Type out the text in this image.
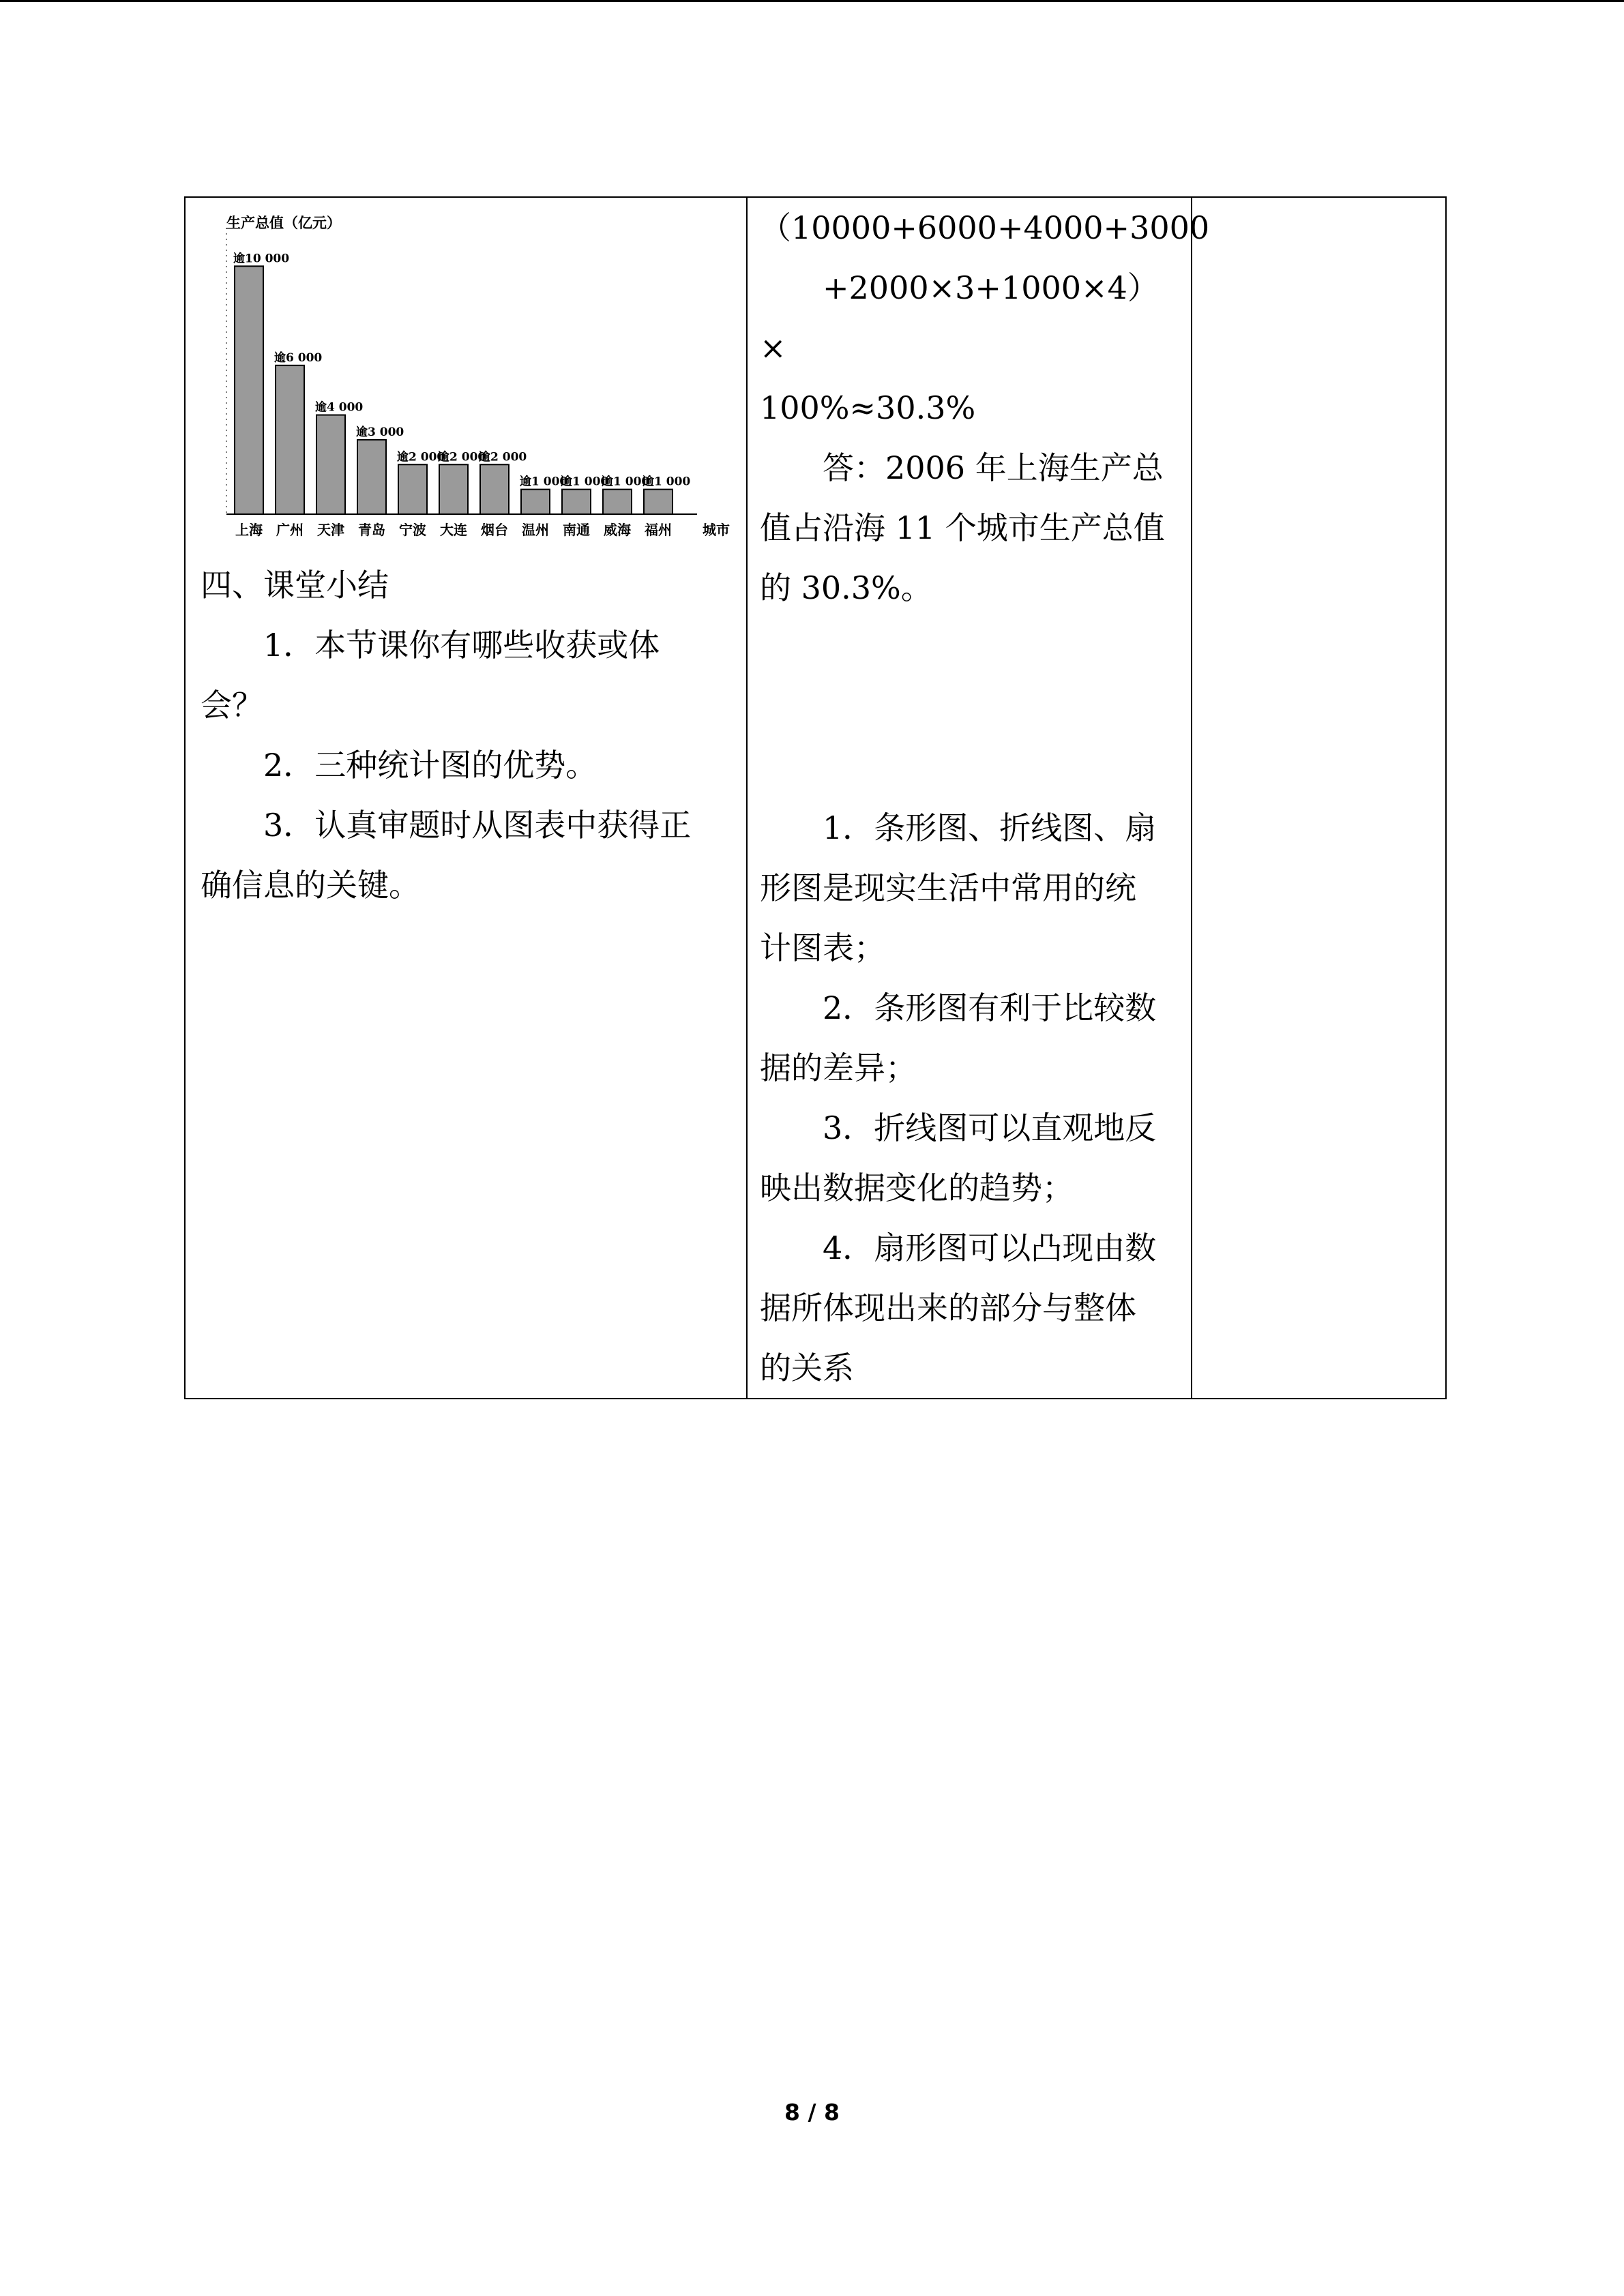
生产总值（亿元）
逾10 000
上海
逾6 000
广州
逾4 000
天津
逾3 000
青岛
逾2 000
宁波
逾2 000
大连
逾2 000
烟台
逾1 000
温州
逾1 000
南通
逾1 000
威海
逾1 000
福州 城市

四、课堂小结

1．本节课你有哪些收获或体

会？

2．三种统计图的优势。

3．认真审题时从图表中获得正

确信息的关键。

（10000+6000+4000+3000

+2000×3+1000×4）×

100%≈30.3%

答：2006 年上海生产总

值占沿海 11 个城市生产总值

的 30.3%。

1．条形图、折线图、扇

形图是现实生活中常用的统

计图表；

2．条形图有利于比较数

据的差异；

3．折线图可以直观地反

映出数据变化的趋势；

4．扇形图可以凸现由数

据所体现出来的部分与整体

的关系

8 / 8
